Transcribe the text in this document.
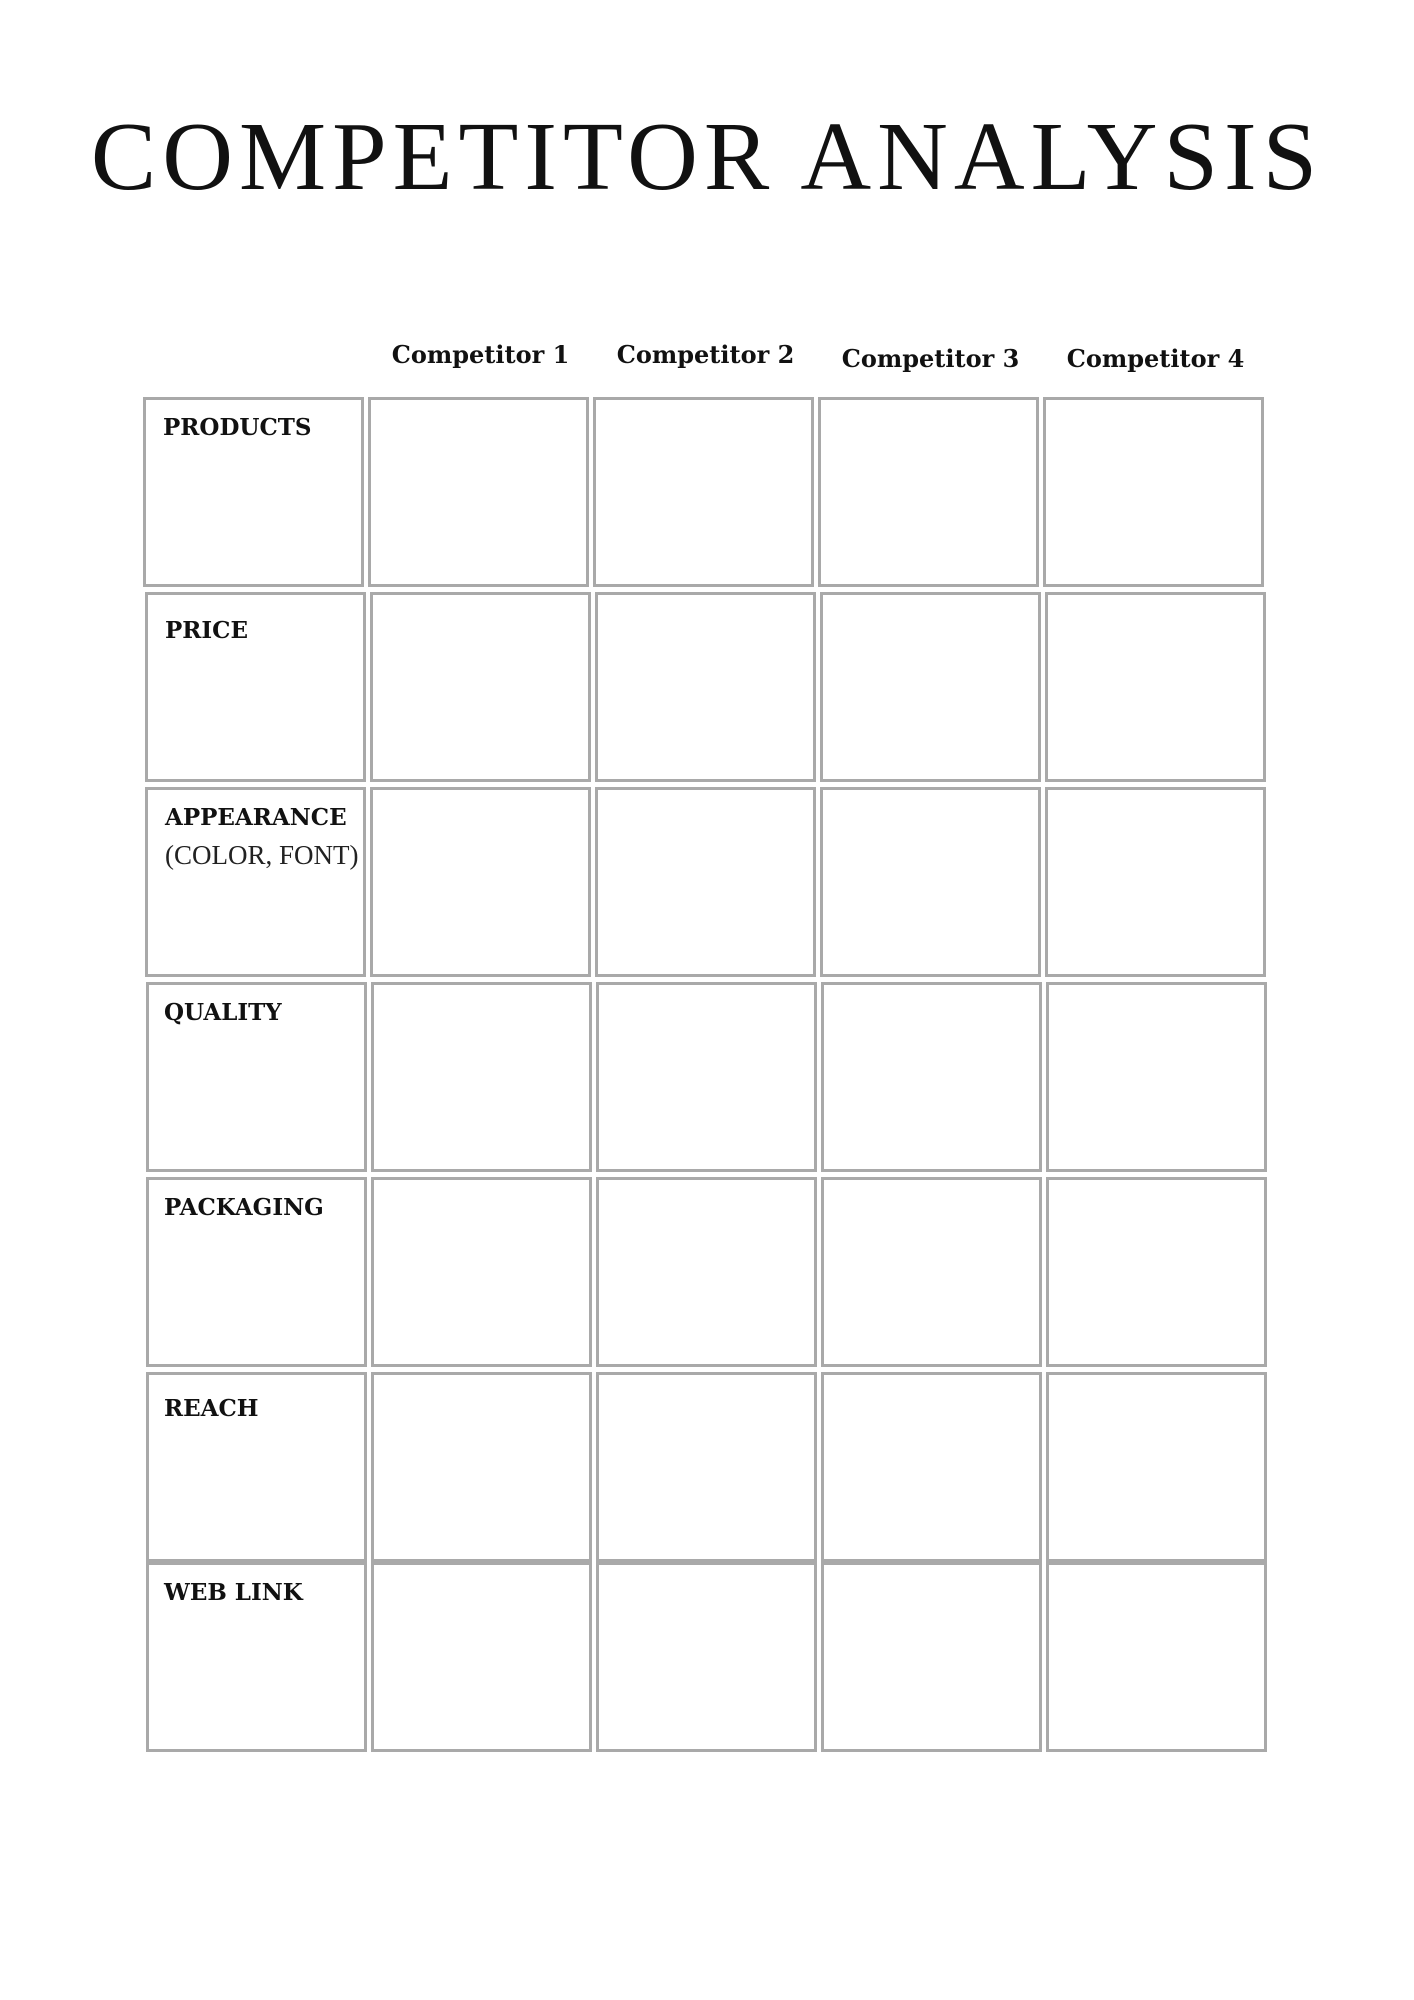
COMPETITOR ANALYSIS
Competitor 1	Competitor 2	Competitor 3	Competitor 4
PRODUCTS
PRICE
APPEARANCE
(COLOR, FONT)
QUALITY
PACKAGING
REACH
WEB LINK
